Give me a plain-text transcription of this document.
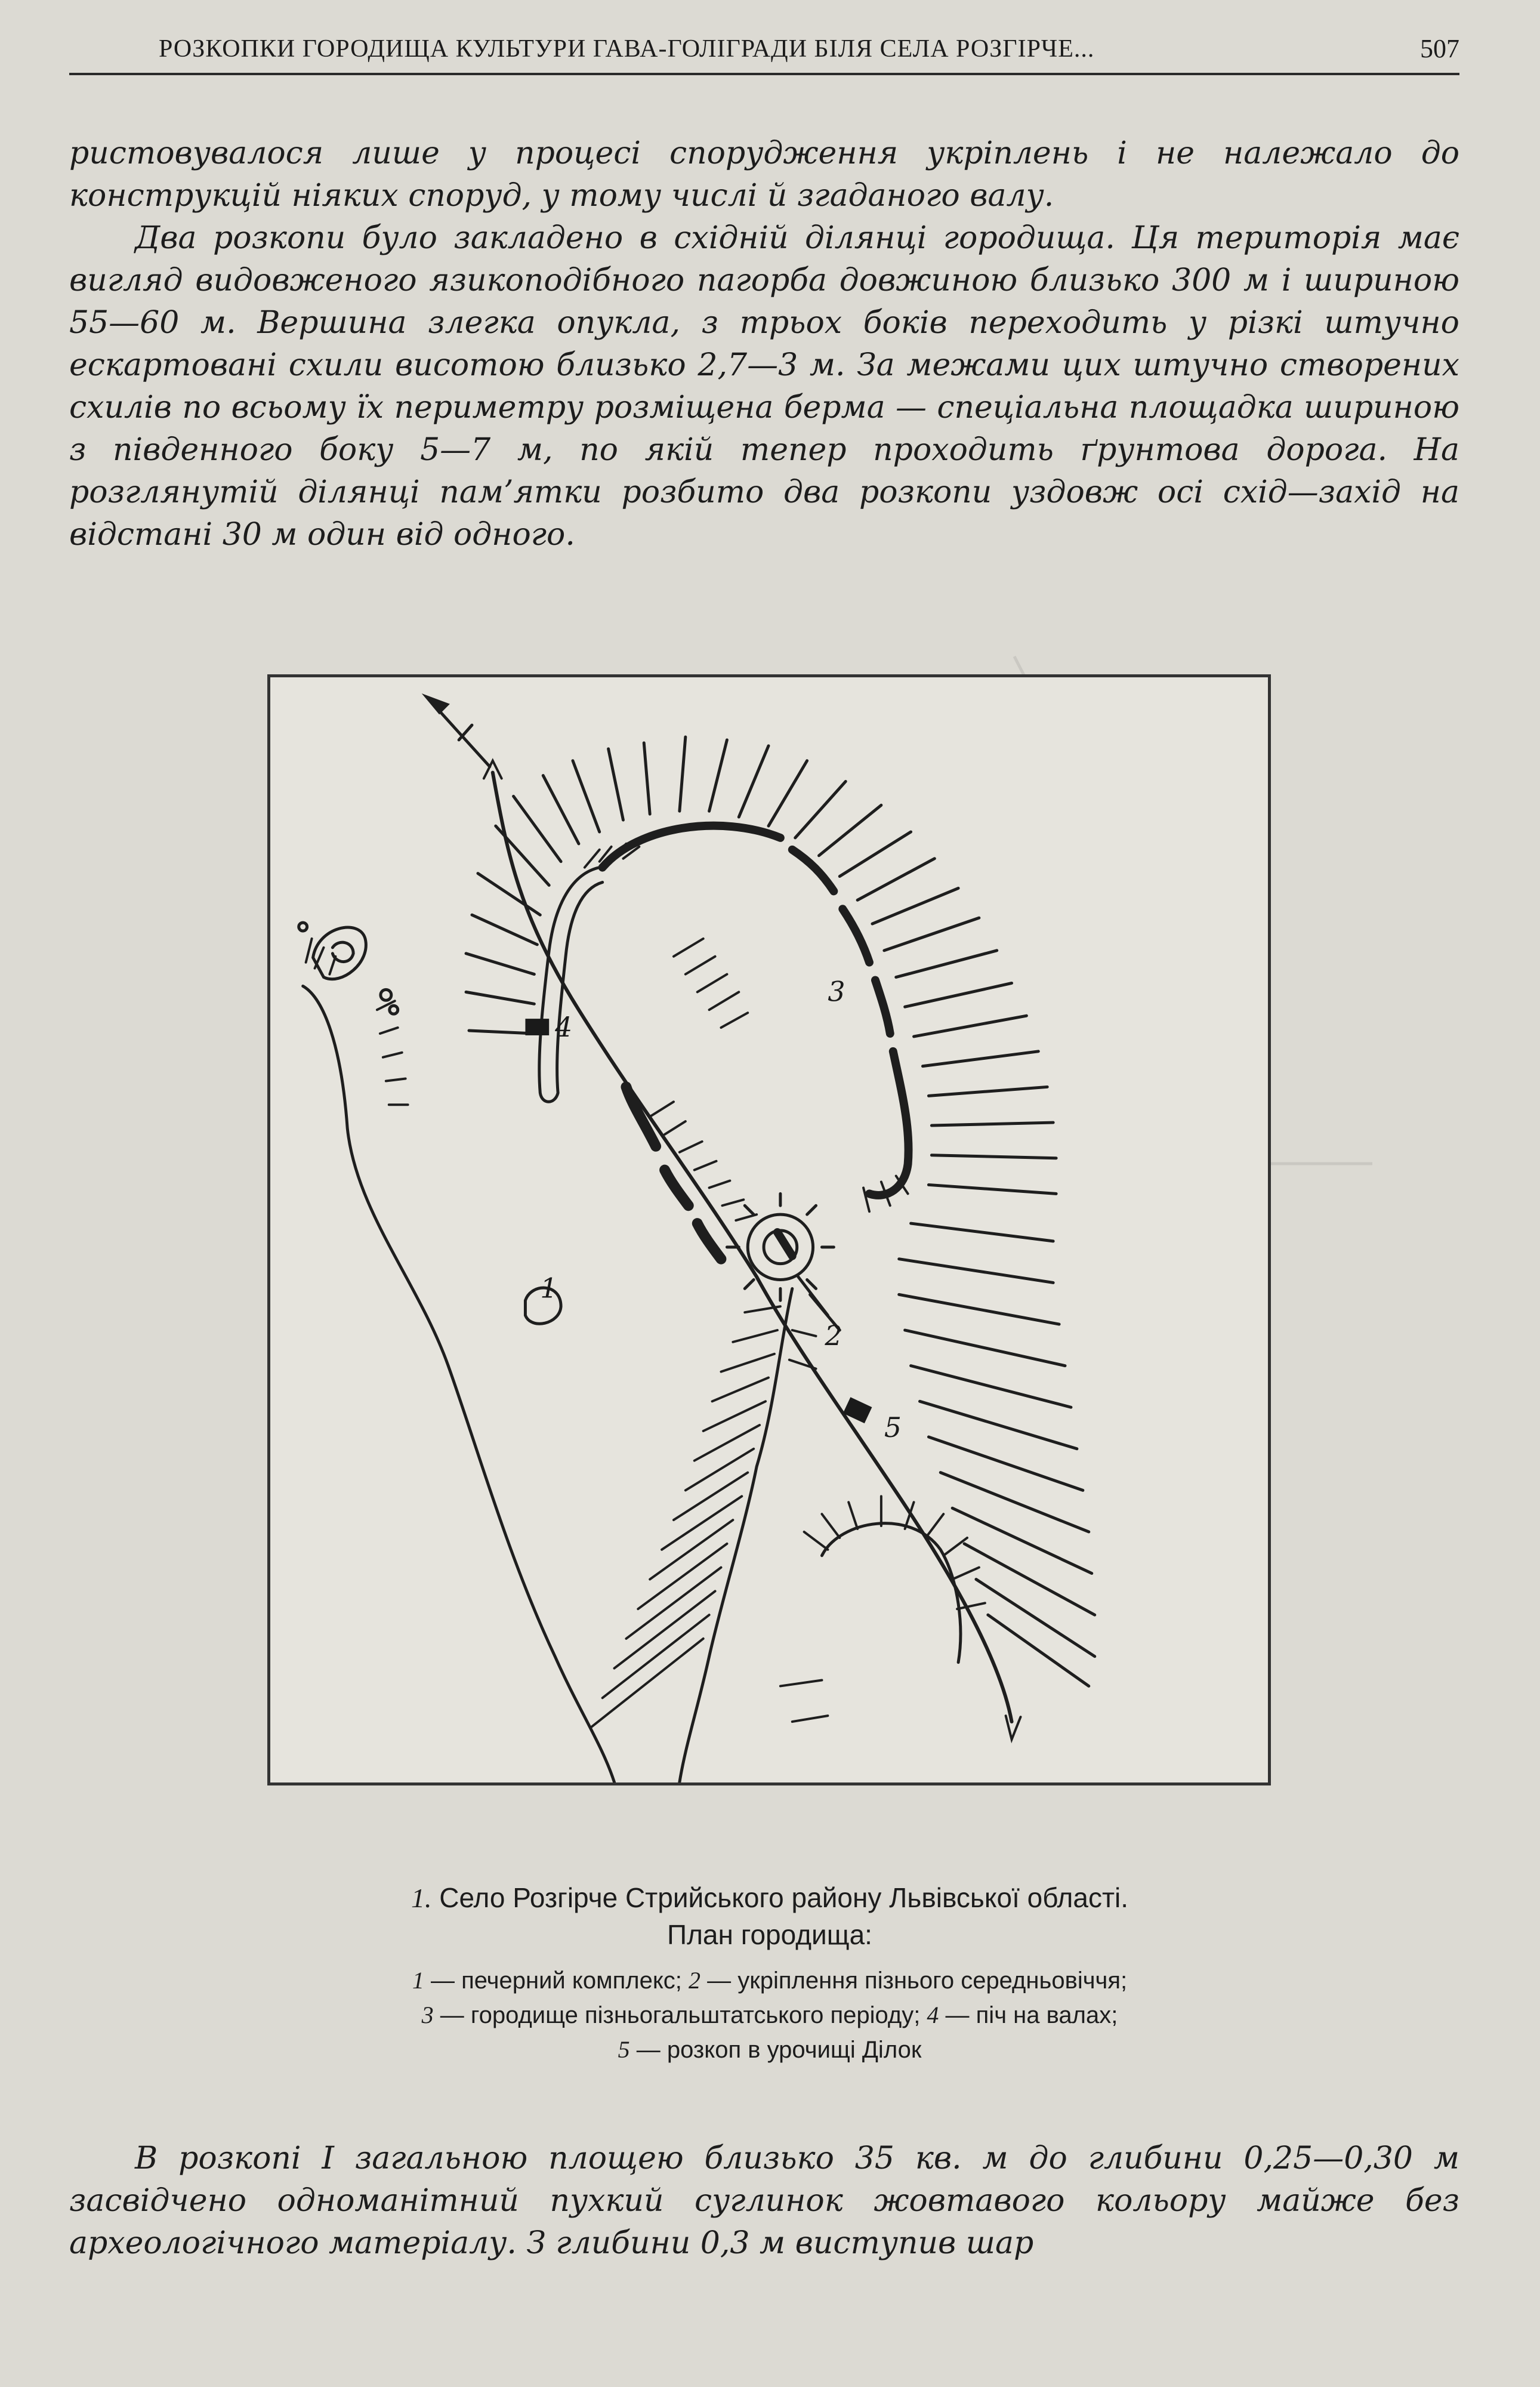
РОЗКОПКИ ГОРОДИЩА КУЛЬТУРИ ГАВА-ГОЛІГРАДИ БІЛЯ СЕЛА РОЗГІРЧЕ...	507

ристовувалося лише у процесі спорудження укріплень і не належало до конструкцій ніяких споруд, у тому числі й згаданого валу.

Два розкопи було закладено в східній ділянці городища. Ця територія має вигляд видовженого язикоподібного пагорба довжиною близько 300 м і шириною 55—60 м. Вершина злегка опукла, з трьох боків переходить у різкі штучно ескартовані схили висотою близько 2,7—3 м. За межами цих штучно створених схилів по всьому їх периметру розміщена берма — спеціальна площадка шириною з південного боку 5—7 м, по якій тепер проходить ґрунтова дорога. На розглянутій ділянці пам’ятки розбито два розкопи уздовж осі схід—захід на відстані 30 м один від одного.

1
2
3
4
5
1. Село Розгірче Стрийського району Львівської області.
План городища:
1 — печерний комплекс; 2 — укріплення пізнього середньовіччя;
3 — городище пізньогальштатського періоду; 4 — піч на валах;
5 — розкоп в урочищі Ділок

В розкопі І загальною площею близько 35 кв. м до глибини 0,25—0,30 м засвідчено одноманітний пухкий суглинок жовтавого кольору майже без археологічного матеріалу. З глибини 0,3 м виступив шар
